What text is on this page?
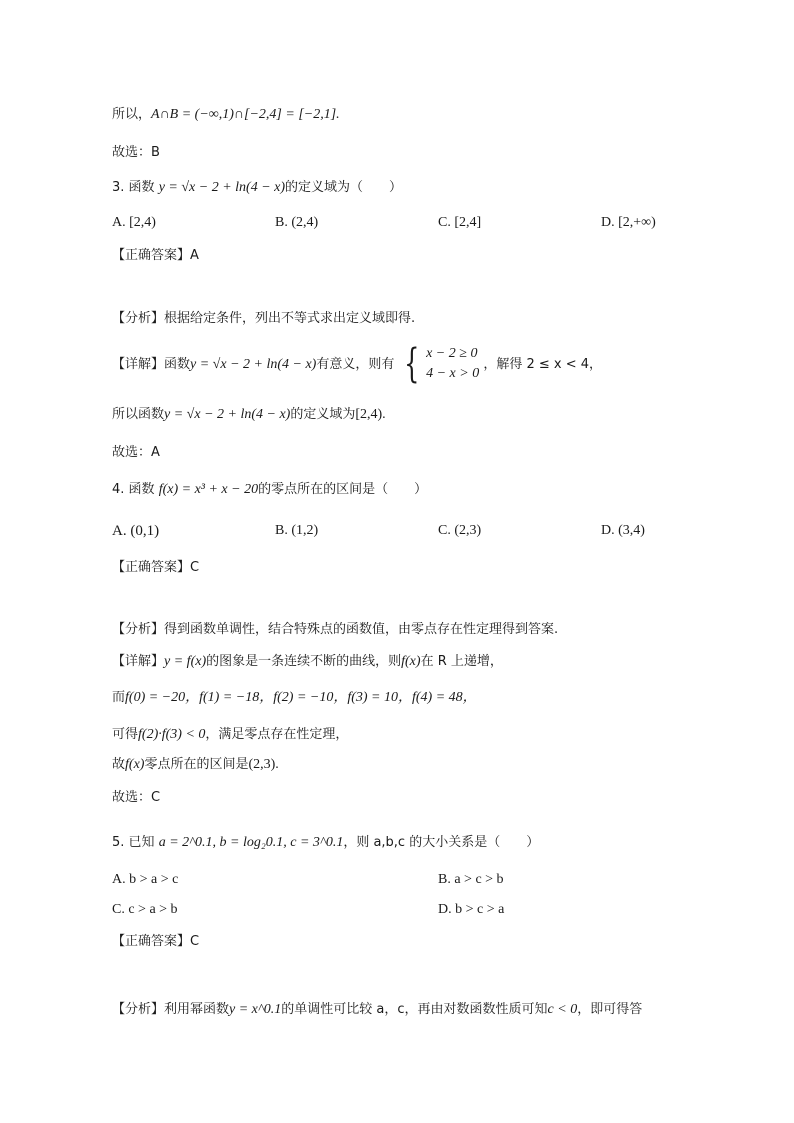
所以，A∩B = (−∞,1)∩[−2,4] = [−2,1].
故选：B
3. 函数 y = √x − 2 + ln(4 − x)的定义域为（　　）
A. [2,4)	B. (2,4)	C. [2,4]	D. [2,+∞)
【正确答案】A
【分析】根据给定条件，列出不等式求出定义域即得.
【详解】函数y = √x − 2 + ln(4 − x)有意义，则有 { x − 2 ≥ 0
4 − x > 0
，解得 2 ≤ x < 4，
所以函数y = √x − 2 + ln(4 − x)的定义域为[2,4).
故选：A
4. 函数 f(x) = x³ + x − 20的零点所在的区间是（　　）
A. (0,1)	B. (1,2)	C. (2,3)	D. (3,4)
【正确答案】C
【分析】得到函数单调性，结合特殊点的函数值，由零点存在性定理得到答案.
【详解】y = f(x)的图象是一条连续不断的曲线，则f(x)在 R 上递增，
而f(0) = −20，f(1) = −18，f(2) = −10，f(3) = 10，f(4) = 48，
可得f(2)·f(3) < 0，满足零点存在性定理，
故f(x)零点所在的区间是(2,3).
故选：C
5. 已知 a = 2^0.1, b = log₂0.1, c = 3^0.1，则 a,b,c 的大小关系是（　　）
A. b > a > c	B. a > c > b
C. c > a > b	D. b > c > a
【正确答案】C
【分析】利用幂函数y = x^0.1的单调性可比较 a，c，再由对数函数性质可知c < 0，即可得答
